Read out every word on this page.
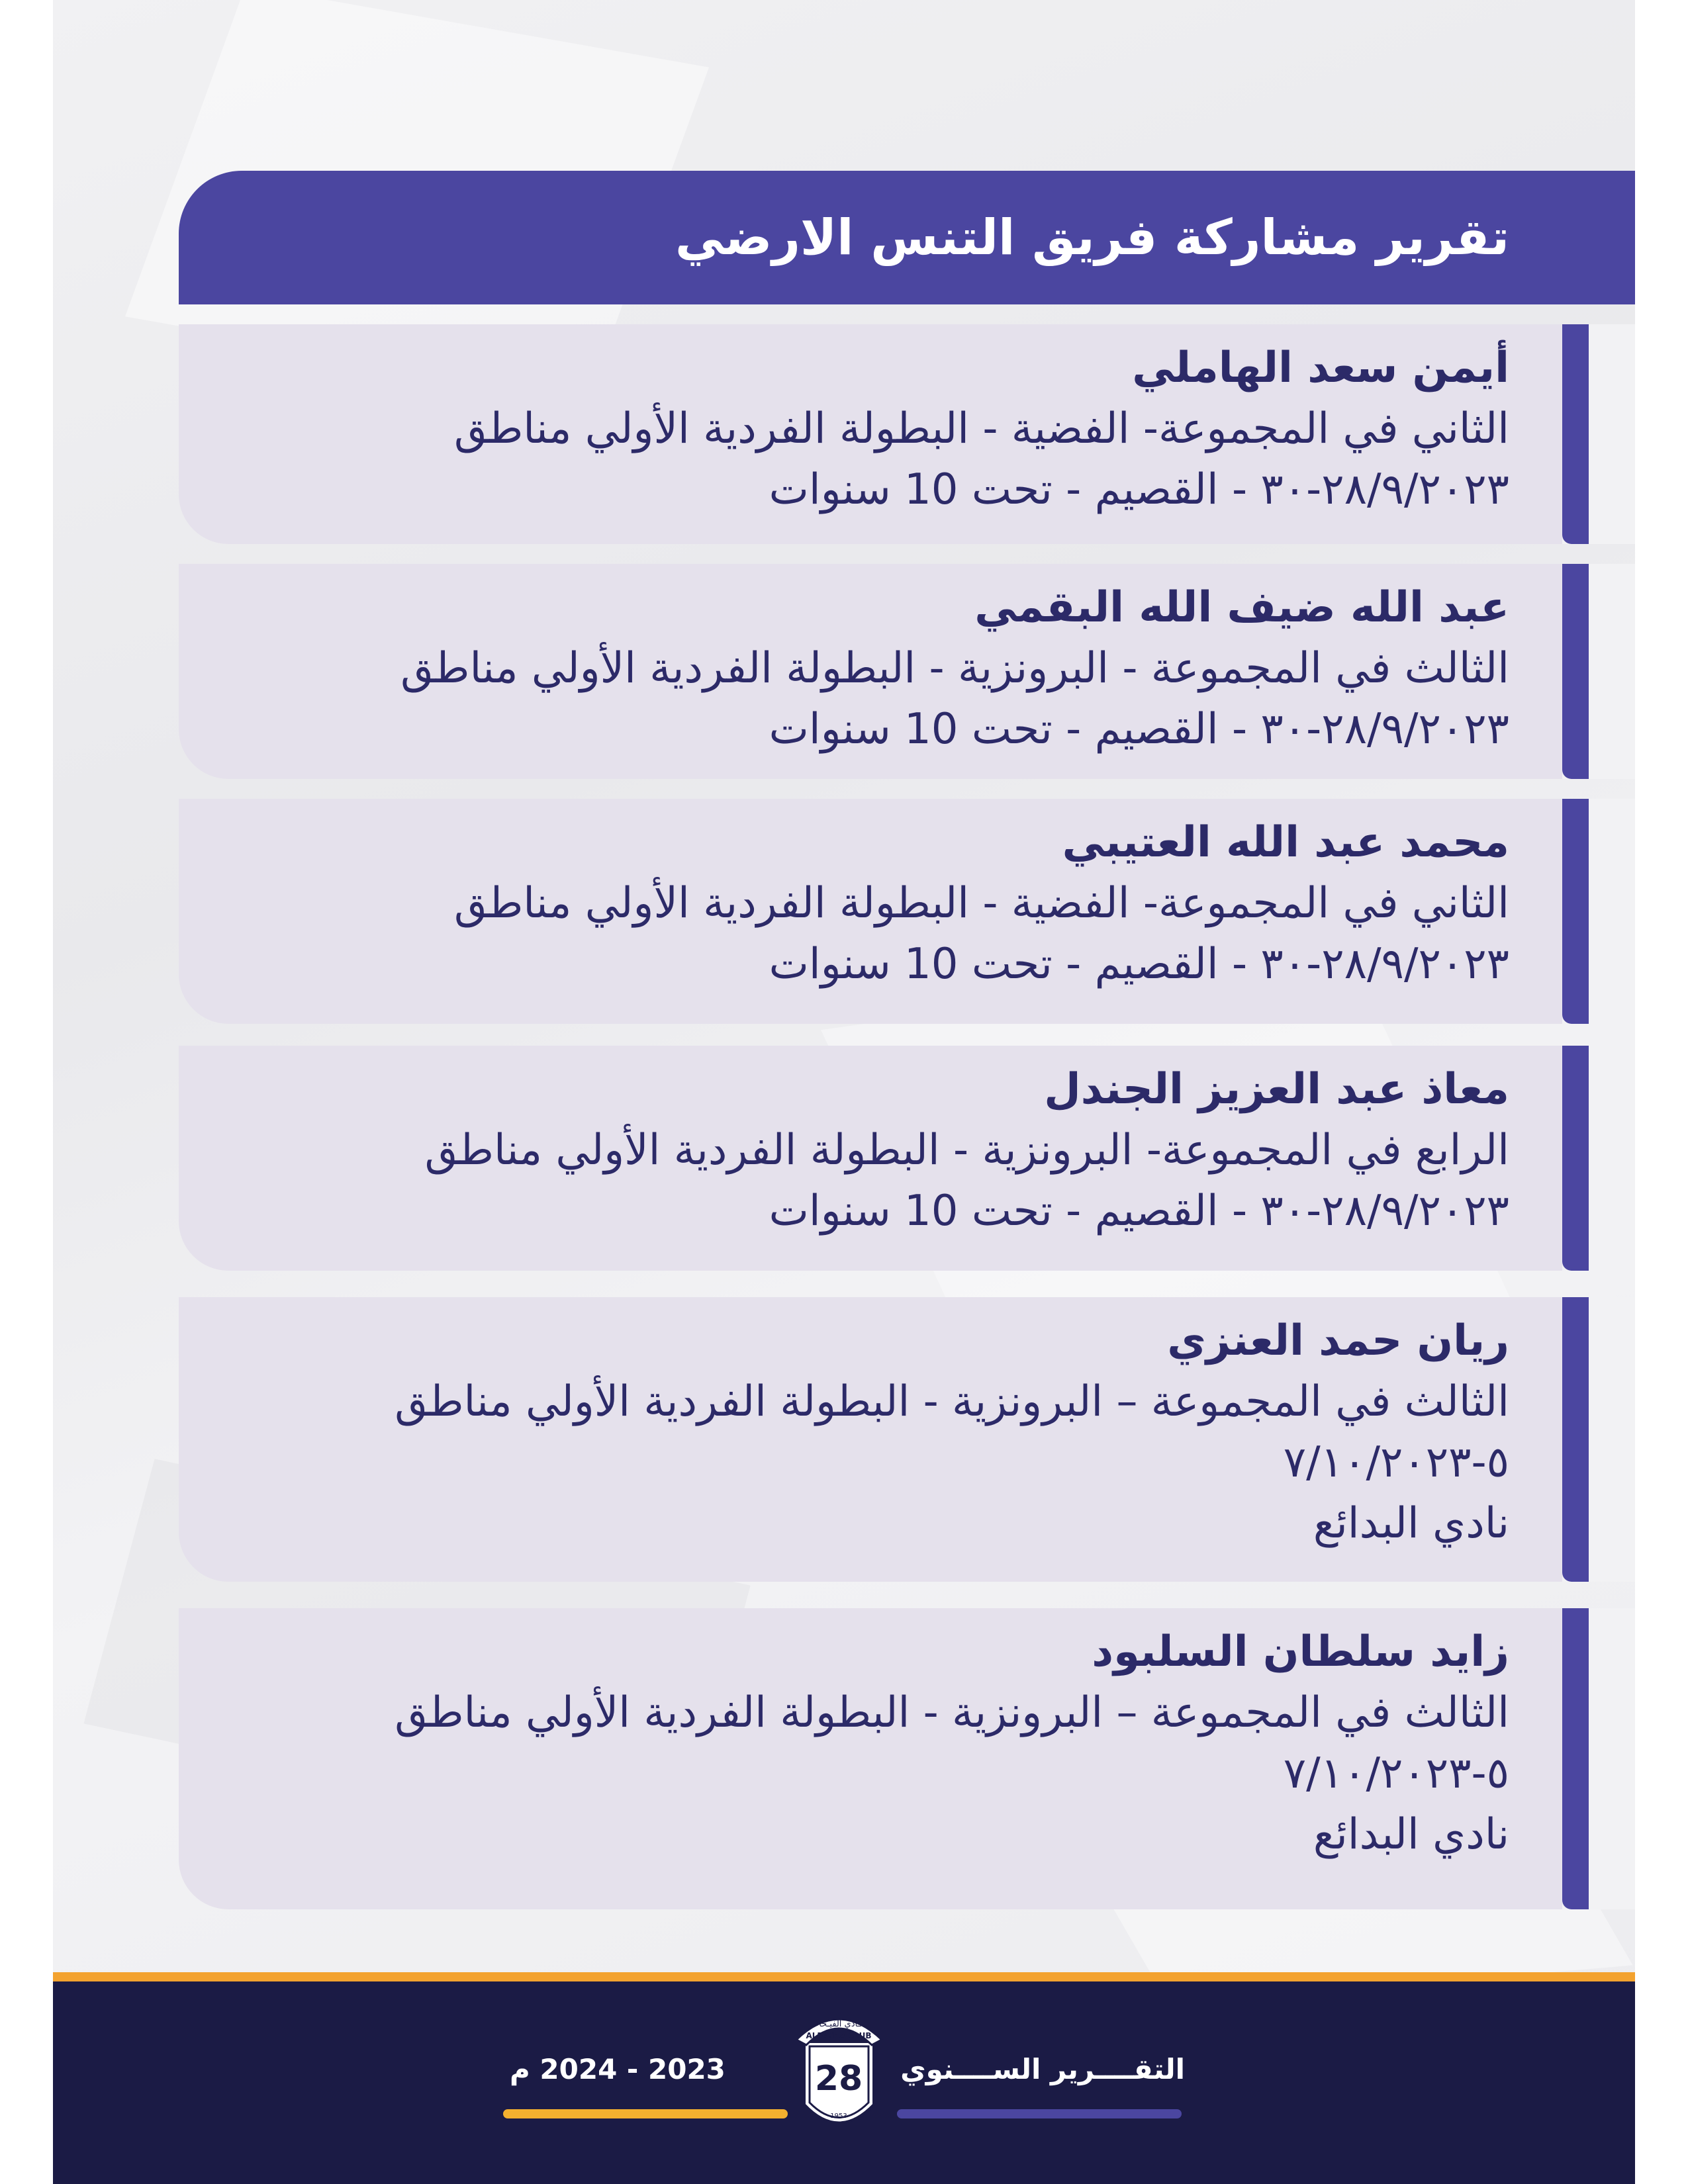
تقرير مشاركة فريق التنس الارضي

أيمن سعد الهاملي

الثاني في المجموعة- الفضية - البطولة الفردية الأولي مناطق

٢٨/٩/٢٠٢٣-٣٠ - القصيم - تحت 10 سنوات

عبد الله ضيف الله البقمي

الثالث في المجموعة - البرونزية - البطولة الفردية الأولي مناطق

٢٨/٩/٢٠٢٣-٣٠ - القصيم - تحت 10 سنوات

محمد عبد الله العتيبي

الثاني في المجموعة- الفضية - البطولة الفردية الأولي مناطق

٢٨/٩/٢٠٢٣-٣٠ - القصيم - تحت 10 سنوات

معاذ عبد العزيز الجندل

الرابع في المجموعة- البرونزية - البطولة الفردية الأولي مناطق

٢٨/٩/٢٠٢٣-٣٠ - القصيم - تحت 10 سنوات

ريان حمد العنزي

الثالث في المجموعة – البرونزية - البطولة الفردية الأولي مناطق

٥-٧/١٠/٢٠٢٣

نادي البدائع

زايد سلطان السلبود

الثالث في المجموعة – البرونزية - البطولة الفردية الأولي مناطق

٥-٧/١٠/٢٠٢٣

نادي البدائع

التقــــرير الســــنوي
2023 - 2024 م
نـادي الفيـحاء
ALFAYHA CLUB
28
1953
